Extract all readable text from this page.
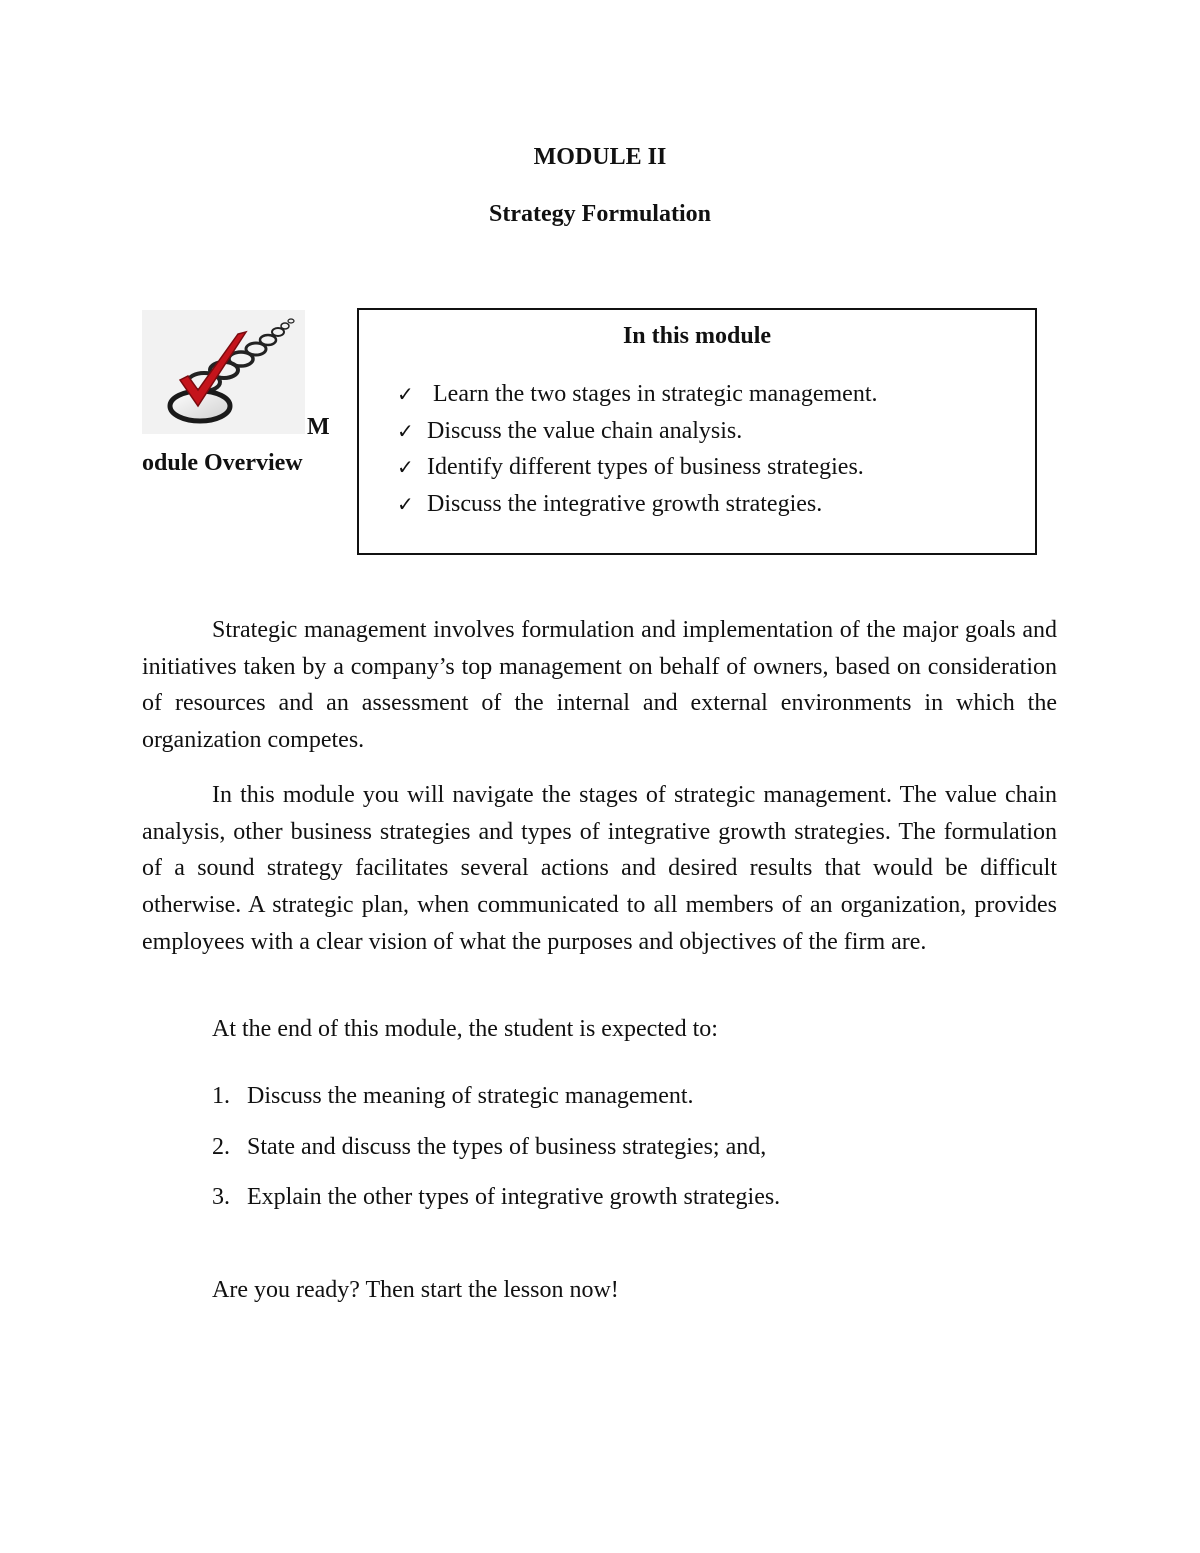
MODULE II
Strategy Formulation
M
odule Overview
In this module
✓ Learn the two stages in strategic management.
✓ Discuss the value chain analysis.
✓ Identify different types of business strategies.
✓ Discuss the integrative growth strategies.

Strategic management involves formulation and implementation of the major goals and initiatives taken by a company’s top management on behalf of owners, based on consideration of resources and an assessment of the internal and external environments in which the organization competes.

In this module you will navigate the stages of strategic management. The value chain analysis, other business strategies and types of integrative growth strategies. The formulation of a sound strategy facilitates several actions and desired results that would be difficult otherwise. A strategic plan, when communicated to all members of an organization, provides employees with a clear vision of what the purposes and objectives of the firm are.

At the end of this module, the student is expected to:

1. Discuss the meaning of strategic management.
2. State and discuss the types of business strategies; and,
3. Explain the other types of integrative growth strategies.

Are you ready? Then start the lesson now!
